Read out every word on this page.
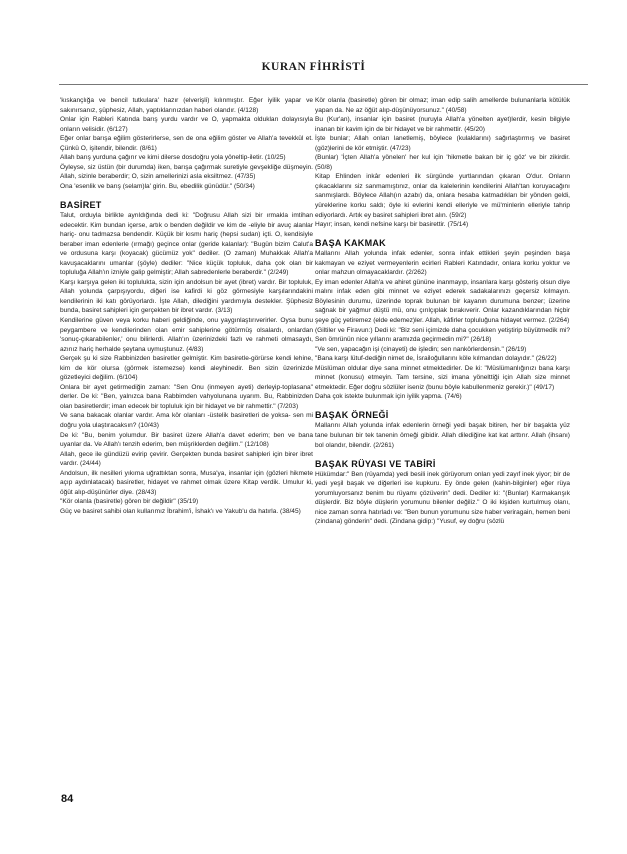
KURAN FİHRİSTİ
'kıskançlığa ve bencil tutkulara' hazır (elverişli) kılınmıştır. Eğer iyilik yapar ve sakınırsanız, şüphesiz, Allah, yaptıklarınızdan haberi olandır. (4/128)
Onlar için Rableri Katında barış yurdu vardır ve O, yapmakta oldukları dolayısıyla onların velisidir. (6/127)
Eğer onlar barışa eğilim gösterirlerse, sen de ona eğilim göster ve Allah'a tevekkül et. Çünkü O, işitendir, bilendir. (8/61)
Allah barış yurduna çağırır ve kimi dilerse dosdoğru yola yöneltip-iletir. (10/25)
Öyleyse, siz üstün (bir durumda) iken, barışa çağırmak suretiyle gevşekliğe düşmeyin. Allah, sizinle beraberdir; O, sizin amellerinizi asla eksiltmez. (47/35)
Ona 'esenlik ve barış (selam)la' girin. Bu, ebedilik günüdür." (50/34)
BASİRET
Talut, orduyla birlikte ayrıldığında dedi ki: "Doğrusu Allah sizi bir ırmakla imtihan edecektir. Kim bundan içerse, artık o benden değildir ve kim de -eliyle bir avuç alanlar hariç- onu tadmazsa bendendir. Küçük bir kısmı hariç (hepsi sudan) içti. O, kendisiyle beraber iman edenlerle (ırmağı) geçince onlar (geride kalanlar): "Bugün bizim Calut'a ve ordusuna karşı (koyacak) gücümüz yok" dediler. (O zaman) Muhakkak Allah'a kavuşacaklarını umanlar (şöyle) dediler: "Nice küçük topluluk, daha çok olan bir topluluğa Allah'ın izniyle galip gelmiştir; Allah sabredenlerle beraberdir." (2/249)
Karşı karşıya gelen iki toplulukta, sizin için andolsun bir ayet (ibret) vardır. Bir topluluk, Allah yolunda çarpışıyordu, diğeri ise kafirdi ki göz görmesiyle karşılarındakini kendilerinin iki katı görüyorlardı. İşte Allah, dilediğini yardımıyla destekler. Şüphesiz bunda, basiret sahipleri için gerçekten bir ibret vardır. (3/13)
Kendilerine güven veya korku haberi geldiğinde, onu yaygınlaştırıverirler. Oysa bunu peygambere ve kendilerinden olan emir sahiplerine götürmüş olsalardı, onlardan 'sonuç-çıkarabilenler,' onu bilirlerdi. Allah'ın üzerinizdeki fazlı ve rahmeti olmasaydı, azınız hariç herhalde şeytana uymuştunuz. (4/83)
Gerçek şu ki size Rabbinizden basiretler gelmiştir. Kim basiretle-görürse kendi lehine, kim de kör olursa (görmek istemezse) kendi aleyhinedir. Ben sizin üzerinizde gözetleyici değilim. (6/104)
Onlara bir ayet getirmediğin zaman: "Sen Onu (inmeyen ayeti) derleyip-toplasana" derler. De ki: "Ben, yalnızca bana Rabbimden vahyolunana uyarım. Bu, Rabbinizden olan basiretlerdir; iman edecek bir topluluk için bir hidayet ve bir rahmettir." (7/203)
Ve sana bakacak olanlar vardır. Ama kör olanları -üstelik basiretleri de yoksa- sen mi doğru yola ulaştıracaksın? (10/43)
De ki: "Bu, benim yolumdur. Bir basiret üzere Allah'a davet ederim; ben ve bana uyanlar da. Ve Allah'ı tenzih ederim, ben müşriklerden değilim." (12/108)
Allah, gece ile gündüzü evirip çevirir. Gerçekten bunda basiret sahipleri için birer ibret vardır. (24/44)
Andolsun, ilk nesilleri yıkıma uğrattıktan sonra, Musa'ya, insanlar için (gözleri hikmete açıp aydınlatacak) basiretler, hidayet ve rahmet olmak üzere Kitap verdik. Umulur ki, öğüt alıp-düşünürler diye. (28/43)
"Kör olanla (basiretle) gören bir değildir" (35/19)
Güç ve basiret sahibi olan kullarımız İbrahim'i, İshak'ı ve Yakub'u da hatırla. (38/45)
Kör olanla (basiretle) gören bir olmaz; iman edip salih amellerde bulunanlarla kötülük yapan da. Ne az öğüt alıp-düşünüyorsunuz." (40/58)
Bu (Kur'an), insanlar için basiret (nuruyla Allah'a yönelten ayet)lerdir, kesin bilgiyle inanan bir kavim için de bir hidayet ve bir rahmettir. (45/20)
İşte bunlar; Allah onları lanetlemiş, böylece (kulaklarını) sağırlaştırmış ve basiret (göz)lerini de kör etmiştir. (47/23)
(Bunlar) 'İçten Allah'a yönelen' her kul için 'hikmetle bakan bir iç göz' ve bir zikirdir. (50/8)
Kitap Ehlinden inkâr edenleri ilk sürgünde yurtlarından çıkaran O'dur. Onların çıkacaklarını siz sanmamıştınız, onlar da kalelerinin kendilerini Allah'tan koruyacağını sanmışlardı. Böylece Allah(ın azabı) da, onlara hesaba katmadıkları bir yönden geldi, yüreklerine korku saldı; öyle ki evlerini kendi elleriyle ve mü'minlerin elleriyle tahrip ediyorlardı. Artık ey basiret sahipleri ibret alın. (59/2)
Hayır; insan, kendi nefsine karşı bir basirettir. (75/14)
BAŞA KAKMAK
Mallarını Allah yolunda infak edenler, sonra infak ettikleri şeyin peşinden başa kakmayan ve eziyet vermeyenlerin ecirleri Rableri Katındadır, onlara korku yoktur ve onlar mahzun olmayacaklardır. (2/262)
Ey iman edenler Allah'a ve ahiret gününe inanmayıp, insanlara karşı gösteriş olsun diye malını infak eden gibi minnet ve eziyet ederek sadakalarınızı geçersiz kılmayın. Böylesinin durumu, üzerinde toprak bulunan bir kayanın durumuna benzer; üzerine sağnak bir yağmur düştü mü, onu çırılçıplak bırakıverir. Onlar kazandıklarından hiçbir şeye güç yetiremez (elde edemez)ler. Allah, kâfirler topluluğuna hidayet vermez. (2/264)
(Giltiler ve Firavun:) Dedi ki: "Biz seni içimizde daha çocukken yetiştirip büyütmedik mi? Sen ömrünün nice yıllarını aramızda geçirmedin mi?" (26/18)
"Ve sen, yapacağın işi (cinayeti) de işledin; sen nankörlerdensin." (26/19)
"Bana karşı lütuf-dediğin nimet de, İsrailoğullarını köle kılmandan dolayıdır." (26/22)
Müslüman oldular diye sana minnet etmektedirler. De ki: "Müslümanlığınızı bana karşı minnet (konusu) etmeyin. Tam tersine, sizi imana yönelttiği için Allah size minnet etmektedir. Eğer doğru sözlüler iseniz (bunu böyle kabullenmeniz gerekir.)" (49/17)
Daha çok istekte bulunmak için iyilik yapma. (74/6)
BAŞAK ÖRNEĞİ
Mallarını Allah yolunda infak edenlerin örneği yedi başak bitiren, her bir başakta yüz tane bulunan bir tek tanenin örneği gibidir. Allah dilediğine kat kat arttırır. Allah (ihsanı) bol olandır, bilendir. (2/261)
BAŞAK RÜYASI VE TABİRİ
Hükümdar:" Ben (rüyamda) yedi besili inek görüyorum onları yedi zayıf inek yiyor; bir de yedi yeşil başak ve diğerleri ise kupkuru. Ey önde gelen (kahin-bilginler) eğer rüya yorumluyorsanız benim bu rüyamı çözüverin" dedi. Dediler ki: "(Bunlar) Karmakarışık düşlerdir. Biz böyle düşlerin yorumunu bilenler değiliz." O iki kişiden kurtulmuş olanı, nice zaman sonra hatırladı ve: "Ben bunun yorumunu size haber veriragain, hemen beni (zindana) gönderin" dedi. (Zindana gidip:) "Yusuf, ey doğru (sözlü
84
